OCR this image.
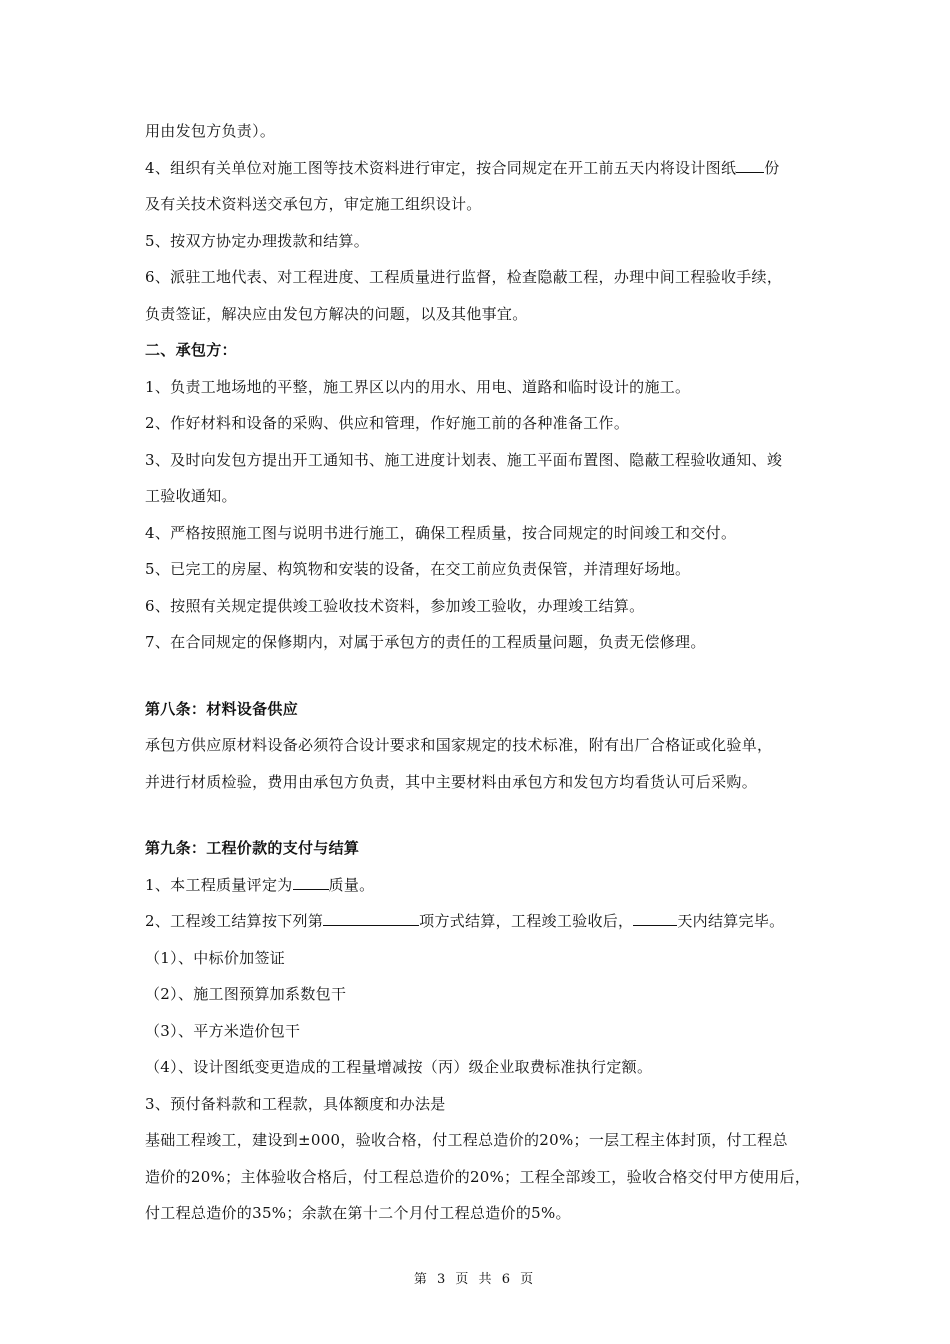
用由发包方负责）。
4、组织有关单位对施工图等技术资料进行审定，按合同规定在开工前五天内将设计图纸 份
及有关技术资料送交承包方，审定施工组织设计。
5、按双方协定办理拨款和结算。
6、派驻工地代表、对工程进度、工程质量进行监督，检查隐蔽工程，办理中间工程验收手续，
负责签证，解决应由发包方解决的问题，以及其他事宜。
二、承包方：
1、负责工地场地的平整，施工界区以内的用水、用电、道路和临时设计的施工。
2、作好材料和设备的采购、供应和管理，作好施工前的各种准备工作。
3、及时向发包方提出开工通知书、施工进度计划表、施工平面布置图、隐蔽工程验收通知、竣
工验收通知。
4、严格按照施工图与说明书进行施工，确保工程质量，按合同规定的时间竣工和交付。
5、已完工的房屋、构筑物和安装的设备，在交工前应负责保管，并清理好场地。
6、按照有关规定提供竣工验收技术资料，参加竣工验收，办理竣工结算。
7、在合同规定的保修期内，对属于承包方的责任的工程质量问题，负责无偿修理。
第八条：材料设备供应
承包方供应原材料设备必须符合设计要求和国家规定的技术标准，附有出厂合格证或化验单，
并进行材质检验，费用由承包方负责，其中主要材料由承包方和发包方均看货认可后采购。
第九条：工程价款的支付与结算
1、本工程质量评定为 质量。
2、工程竣工结算按下列第	项方式结算，工程竣工验收后，	天内结算完毕。
（1）、中标价加签证
（2）、施工图预算加系数包干
（3）、平方米造价包干
（4）、设计图纸变更造成的工程量增减按（丙）级企业取费标准执行定额。
3、预付备料款和工程款，具体额度和办法是
基础工程竣工，建设到±000，验收合格，付工程总造价的20%；一层工程主体封顶，付工程总
造价的20%；主体验收合格后，付工程总造价的20%；工程全部竣工，验收合格交付甲方使用后，
付工程总造价的35%；余款在第十二个月付工程总造价的5%。
第 3 页 共 6 页
